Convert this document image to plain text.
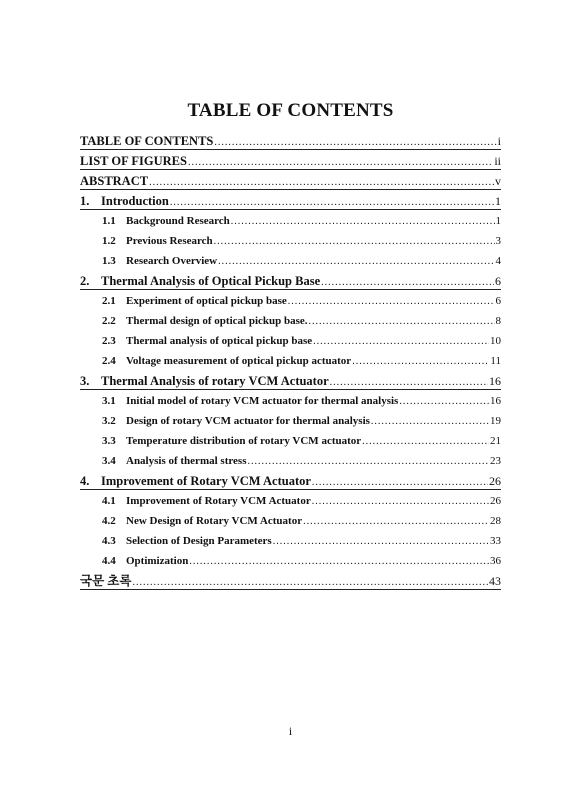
TABLE OF CONTENTS
TABLE OF CONTENTS .....	i
LIST OF FIGURES .....	ii
ABSTRACT .....	v
1. Introduction .....	1
1.1 Background Research .....	1
1.2 Previous Research .....	3
1.3 Research Overview .....	4
2. Thermal Analysis of Optical Pickup Base .....	6
2.1 Experiment of optical pickup base .....	6
2.2 Thermal design of optical pickup base. .....	8
2.3 Thermal analysis of optical pickup base .....	10
2.4 Voltage measurement of optical pickup actuator .....	11
3. Thermal Analysis of rotary VCM Actuator .....	16
3.1 Initial model of rotary VCM actuator for thermal analysis .....	16
3.2 Design of rotary VCM actuator for thermal analysis .....	19
3.3 Temperature distribution of rotary VCM actuator .....	21
3.4 Analysis of thermal stress .....	23
4. Improvement of Rotary VCM Actuator .....	26
4.1 Improvement of Rotary VCM Actuator .....	26
4.2 New Design of Rotary VCM Actuator .....	28
4.3 Selection of Design Parameters .....	33
4.4 Optimization .....	36
국문 초록 .....	43
i
